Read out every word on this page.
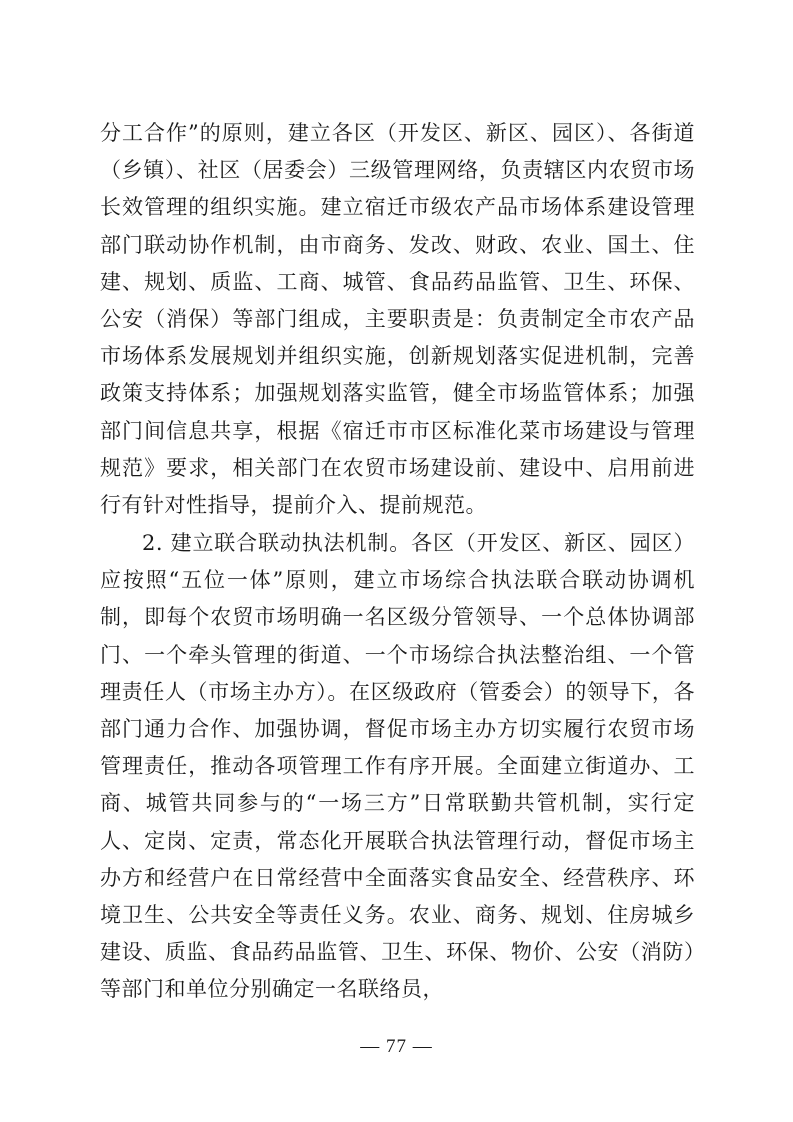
分工合作”的原则，建立各区（开发区、新区、园区）、各街道（乡镇）、社区（居委会）三级管理网络，负责辖区内农贸市场长效管理的组织实施。建立宿迁市级农产品市场体系建设管理部门联动协作机制，由市商务、发改、财政、农业、国土、住建、规划、质监、工商、城管、食品药品监管、卫生、环保、公安（消保）等部门组成，主要职责是：负责制定全市农产品市场体系发展规划并组织实施，创新规划落实促进机制，完善政策支持体系；加强规划落实监管，健全市场监管体系；加强部门间信息共享，根据《宿迁市市区标准化菜市场建设与管理规范》要求，相关部门在农贸市场建设前、建设中、启用前进行有针对性指导，提前介入、提前规范。

2. 建立联合联动执法机制。各区（开发区、新区、园区）应按照“五位一体”原则，建立市场综合执法联合联动协调机制，即每个农贸市场明确一名区级分管领导、一个总体协调部门、一个牵头管理的街道、一个市场综合执法整治组、一个管理责任人（市场主办方）。在区级政府（管委会）的领导下，各部门通力合作、加强协调，督促市场主办方切实履行农贸市场管理责任，推动各项管理工作有序开展。全面建立街道办、工商、城管共同参与的“一场三方”日常联勤共管机制，实行定人、定岗、定责，常态化开展联合执法管理行动，督促市场主办方和经营户在日常经营中全面落实食品安全、经营秩序、环境卫生、公共安全等责任义务。农业、商务、规划、住房城乡建设、质监、食品药品监管、卫生、环保、物价、公安（消防）等部门和单位分别确定一名联络员，

— 77 —
